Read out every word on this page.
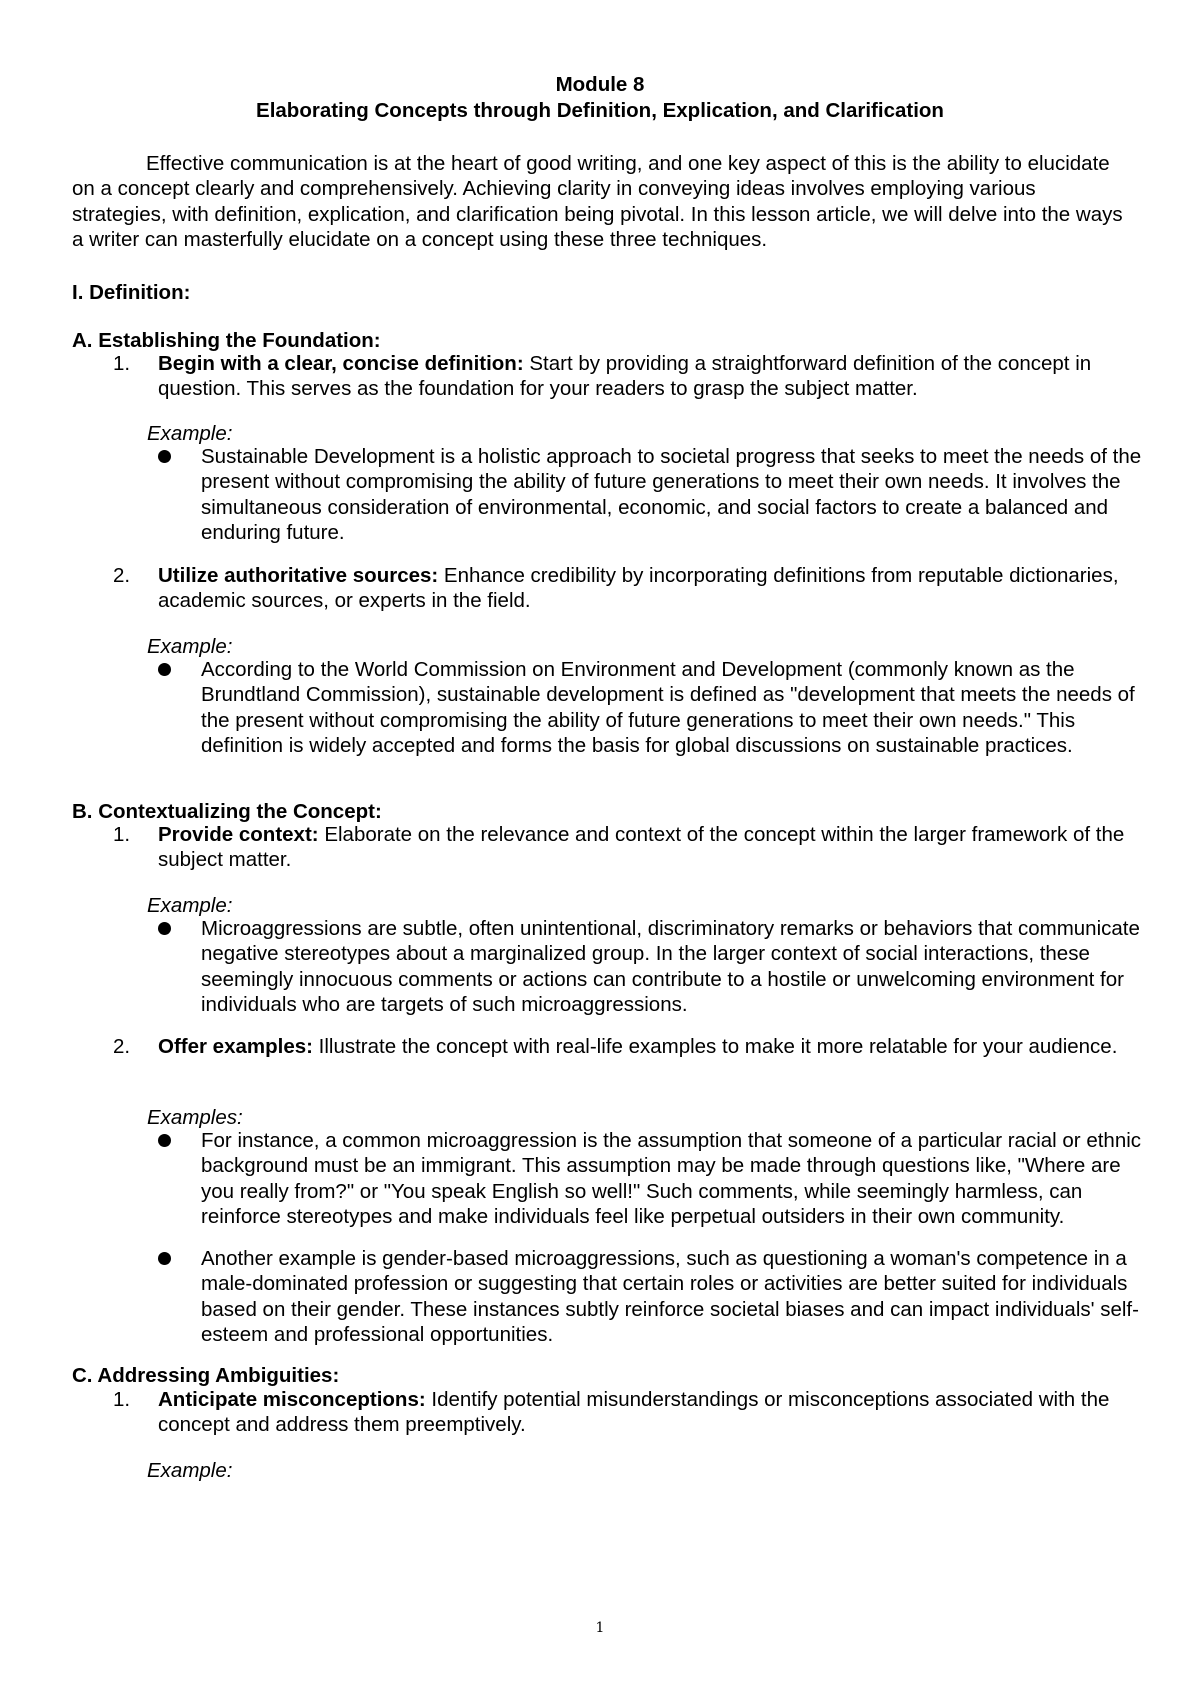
Module 8
Elaborating Concepts through Definition, Explication, and Clarification
Effective communication is at the heart of good writing, and one key aspect of this is the ability to elucidate on a concept clearly and comprehensively. Achieving clarity in conveying ideas involves employing various strategies, with definition, explication, and clarification being pivotal. In this lesson article, we will delve into the ways a writer can masterfully elucidate on a concept using these three techniques.
I. Definition:
A. Establishing the Foundation:
1. Begin with a clear, concise definition: Start by providing a straightforward definition of the concept in question. This serves as the foundation for your readers to grasp the subject matter.
Example:
Sustainable Development is a holistic approach to societal progress that seeks to meet the needs of the present without compromising the ability of future generations to meet their own needs. It involves the simultaneous consideration of environmental, economic, and social factors to create a balanced and enduring future.
2. Utilize authoritative sources: Enhance credibility by incorporating definitions from reputable dictionaries, academic sources, or experts in the field.
Example:
According to the World Commission on Environment and Development (commonly known as the Brundtland Commission), sustainable development is defined as "development that meets the needs of the present without compromising the ability of future generations to meet their own needs." This definition is widely accepted and forms the basis for global discussions on sustainable practices.
B. Contextualizing the Concept:
1. Provide context: Elaborate on the relevance and context of the concept within the larger framework of the subject matter.
Example:
Microaggressions are subtle, often unintentional, discriminatory remarks or behaviors that communicate negative stereotypes about a marginalized group. In the larger context of social interactions, these seemingly innocuous comments or actions can contribute to a hostile or unwelcoming environment for individuals who are targets of such microaggressions.
2. Offer examples: Illustrate the concept with real-life examples to make it more relatable for your audience.
Examples:
For instance, a common microaggression is the assumption that someone of a particular racial or ethnic background must be an immigrant. This assumption may be made through questions like, "Where are you really from?" or "You speak English so well!" Such comments, while seemingly harmless, can reinforce stereotypes and make individuals feel like perpetual outsiders in their own community.
Another example is gender-based microaggressions, such as questioning a woman's competence in a male-dominated profession or suggesting that certain roles or activities are better suited for individuals based on their gender. These instances subtly reinforce societal biases and can impact individuals' self-esteem and professional opportunities.
C. Addressing Ambiguities:
1. Anticipate misconceptions: Identify potential misunderstandings or misconceptions associated with the concept and address them preemptively.
Example:
1
